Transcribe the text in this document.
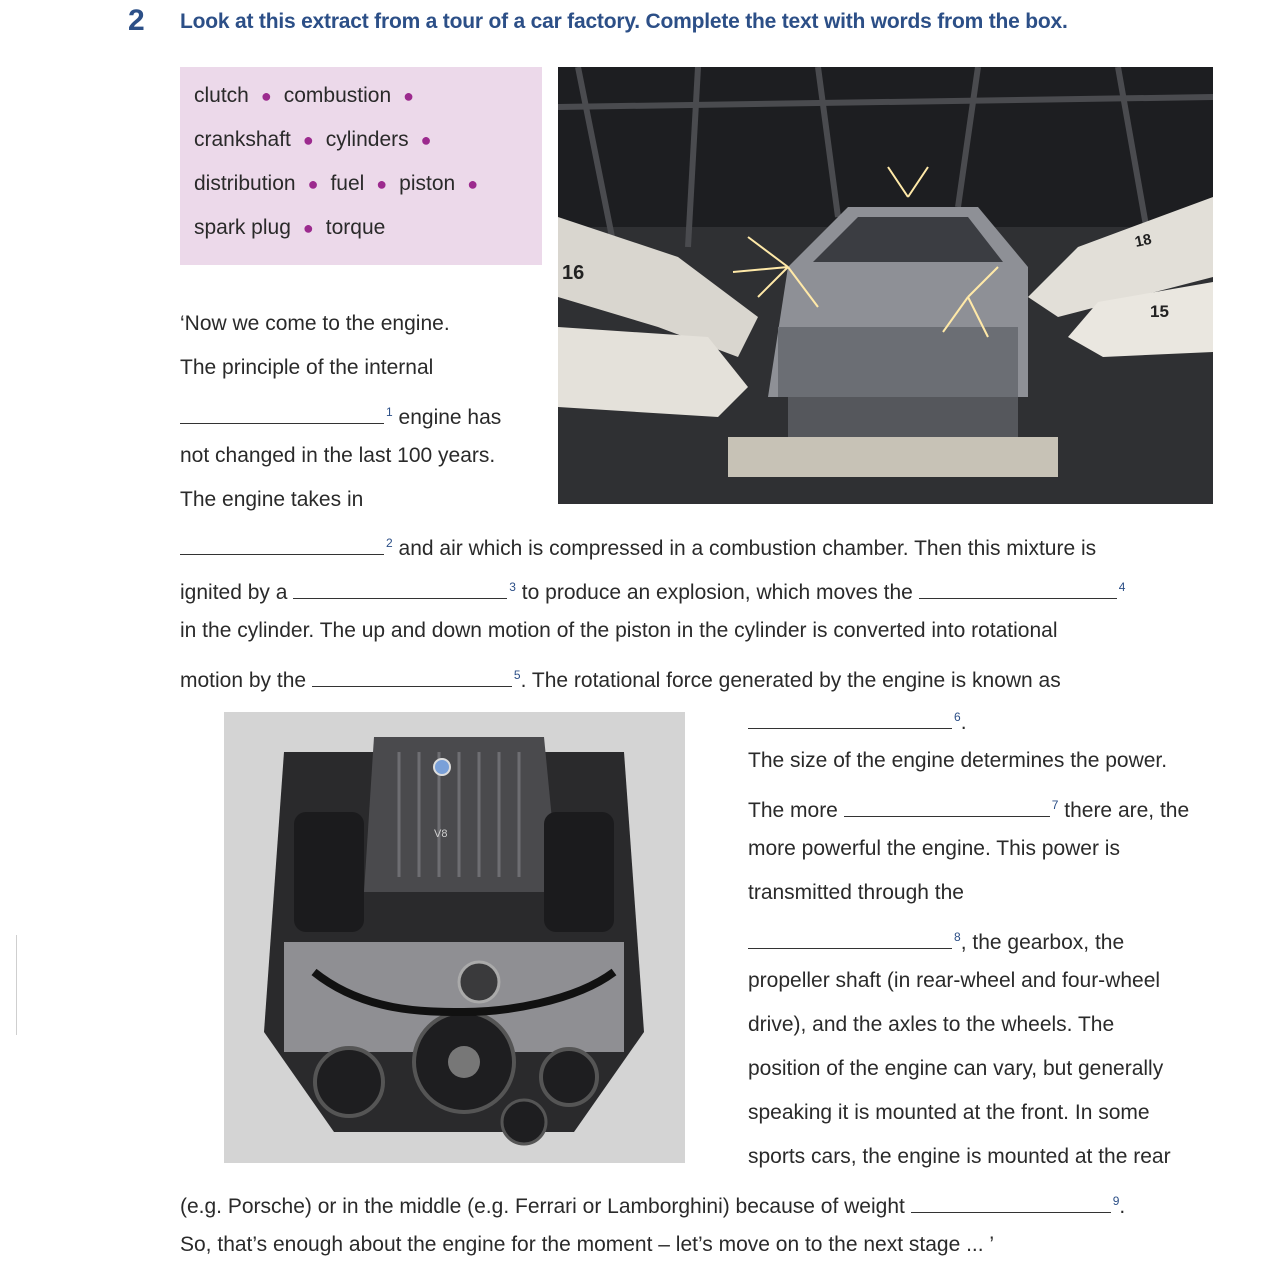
2 Look at this extract from a tour of a car factory. Complete the text with words from the box.
clutch ● combustion ●
crankshaft ● cylinders ●
distribution ● fuel ● piston ●
spark plug ● torque
16
18
15
V8
‘Now we come to the engine.
The principle of the internal
$^1$ engine has
not changed in the last 100 years.
The engine takes in
$^2$ and air which is compressed in a combustion chamber. Then this mixture is
ignited by a	$^3$ to produce an explosion, which moves the	$^4$
in the cylinder. The up and down motion of the piston in the cylinder is converted into rotational
motion by the	$^5$. The rotational force generated by the engine is known as
$^6$.
The size of the engine determines the power.
The more	$^7$ there are, the
more powerful the engine. This power is
transmitted through the
$^8$, the gearbox, the
propeller shaft (in rear-wheel and four-wheel
drive), and the axles to the wheels. The
position of the engine can vary, but generally
speaking it is mounted at the front. In some
sports cars, the engine is mounted at the rear
(e.g. Porsche) or in the middle (e.g. Ferrari or Lamborghini) because of weight	$^9$.
So, that’s enough about the engine for the moment – let’s move on to the next stage ... ’
